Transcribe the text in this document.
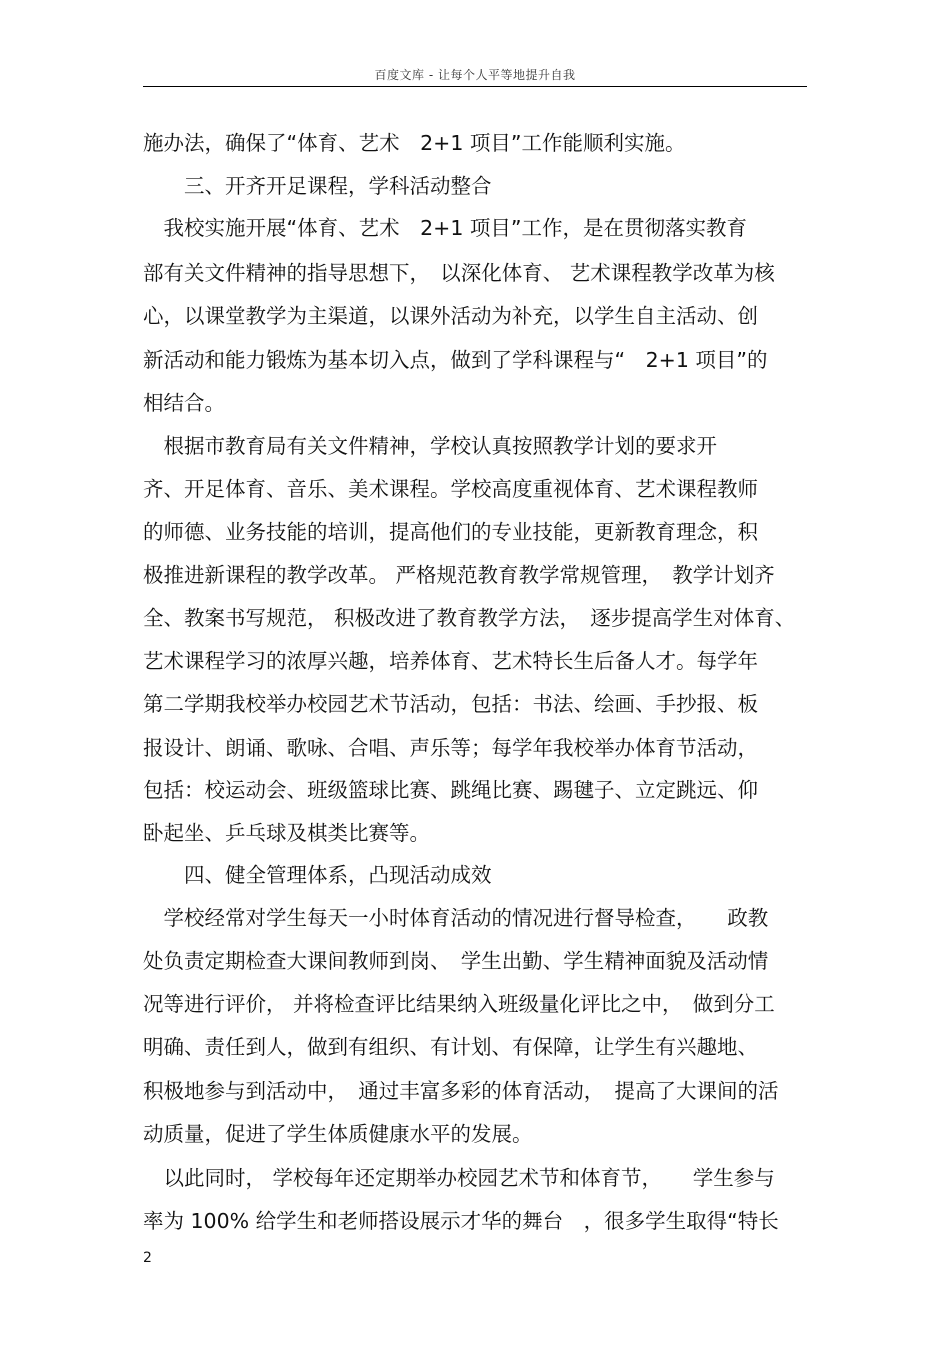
百度文库 - 让每个人平等地提升自我
施办法，确保了“体育、艺术　2+1 项目”工作能顺利实施。
　　三、开齐开足课程，学科活动整合
　我校实施开展“体育、艺术　2+1 项目”工作，是在贯彻落实教育
部有关文件精神的指导思想下，　以深化体育、 艺术课程教学改革为核
心，以课堂教学为主渠道，以课外活动为补充，以学生自主活动、创
新活动和能力锻炼为基本切入点，做到了学科课程与“　2+1 项目”的
相结合。
　根据市教育局有关文件精神，学校认真按照教学计划的要求开
齐、开足体育、音乐、美术课程。学校高度重视体育、艺术课程教师
的师德、业务技能的培训，提高他们的专业技能，更新教育理念，积
极推进新课程的教学改革。 严格规范教育教学常规管理，　教学计划齐
全、教案书写规范， 积极改进了教育教学方法，　逐步提高学生对体育、
艺术课程学习的浓厚兴趣，培养体育、艺术特长生后备人才。每学年
第二学期我校举办校园艺术节活动，包括：书法、绘画、手抄报、板
报设计、朗诵、歌咏、合唱、声乐等；每学年我校举办体育节活动，
包括：校运动会、班级篮球比赛、跳绳比赛、踢毽子、立定跳远、仰
卧起坐、乒乓球及棋类比赛等。
　　四、健全管理体系，凸现活动成效
　学校经常对学生每天一小时体育活动的情况进行督导检查，　　政教
处负责定期检查大课间教师到岗、　学生出勤、学生精神面貌及活动情
况等进行评价， 并将检查评比结果纳入班级量化评比之中，　做到分工
明确、责任到人，做到有组织、有计划、有保障，让学生有兴趣地、
积极地参与到活动中，　通过丰富多彩的体育活动，　提高了大课间的活
动质量，促进了学生体质健康水平的发展。
　以此同时， 学校每年还定期举办校园艺术节和体育节，　　学生参与
率为 100% 给学生和老师搭设展示才华的舞台　，很多学生取得“特长
2
